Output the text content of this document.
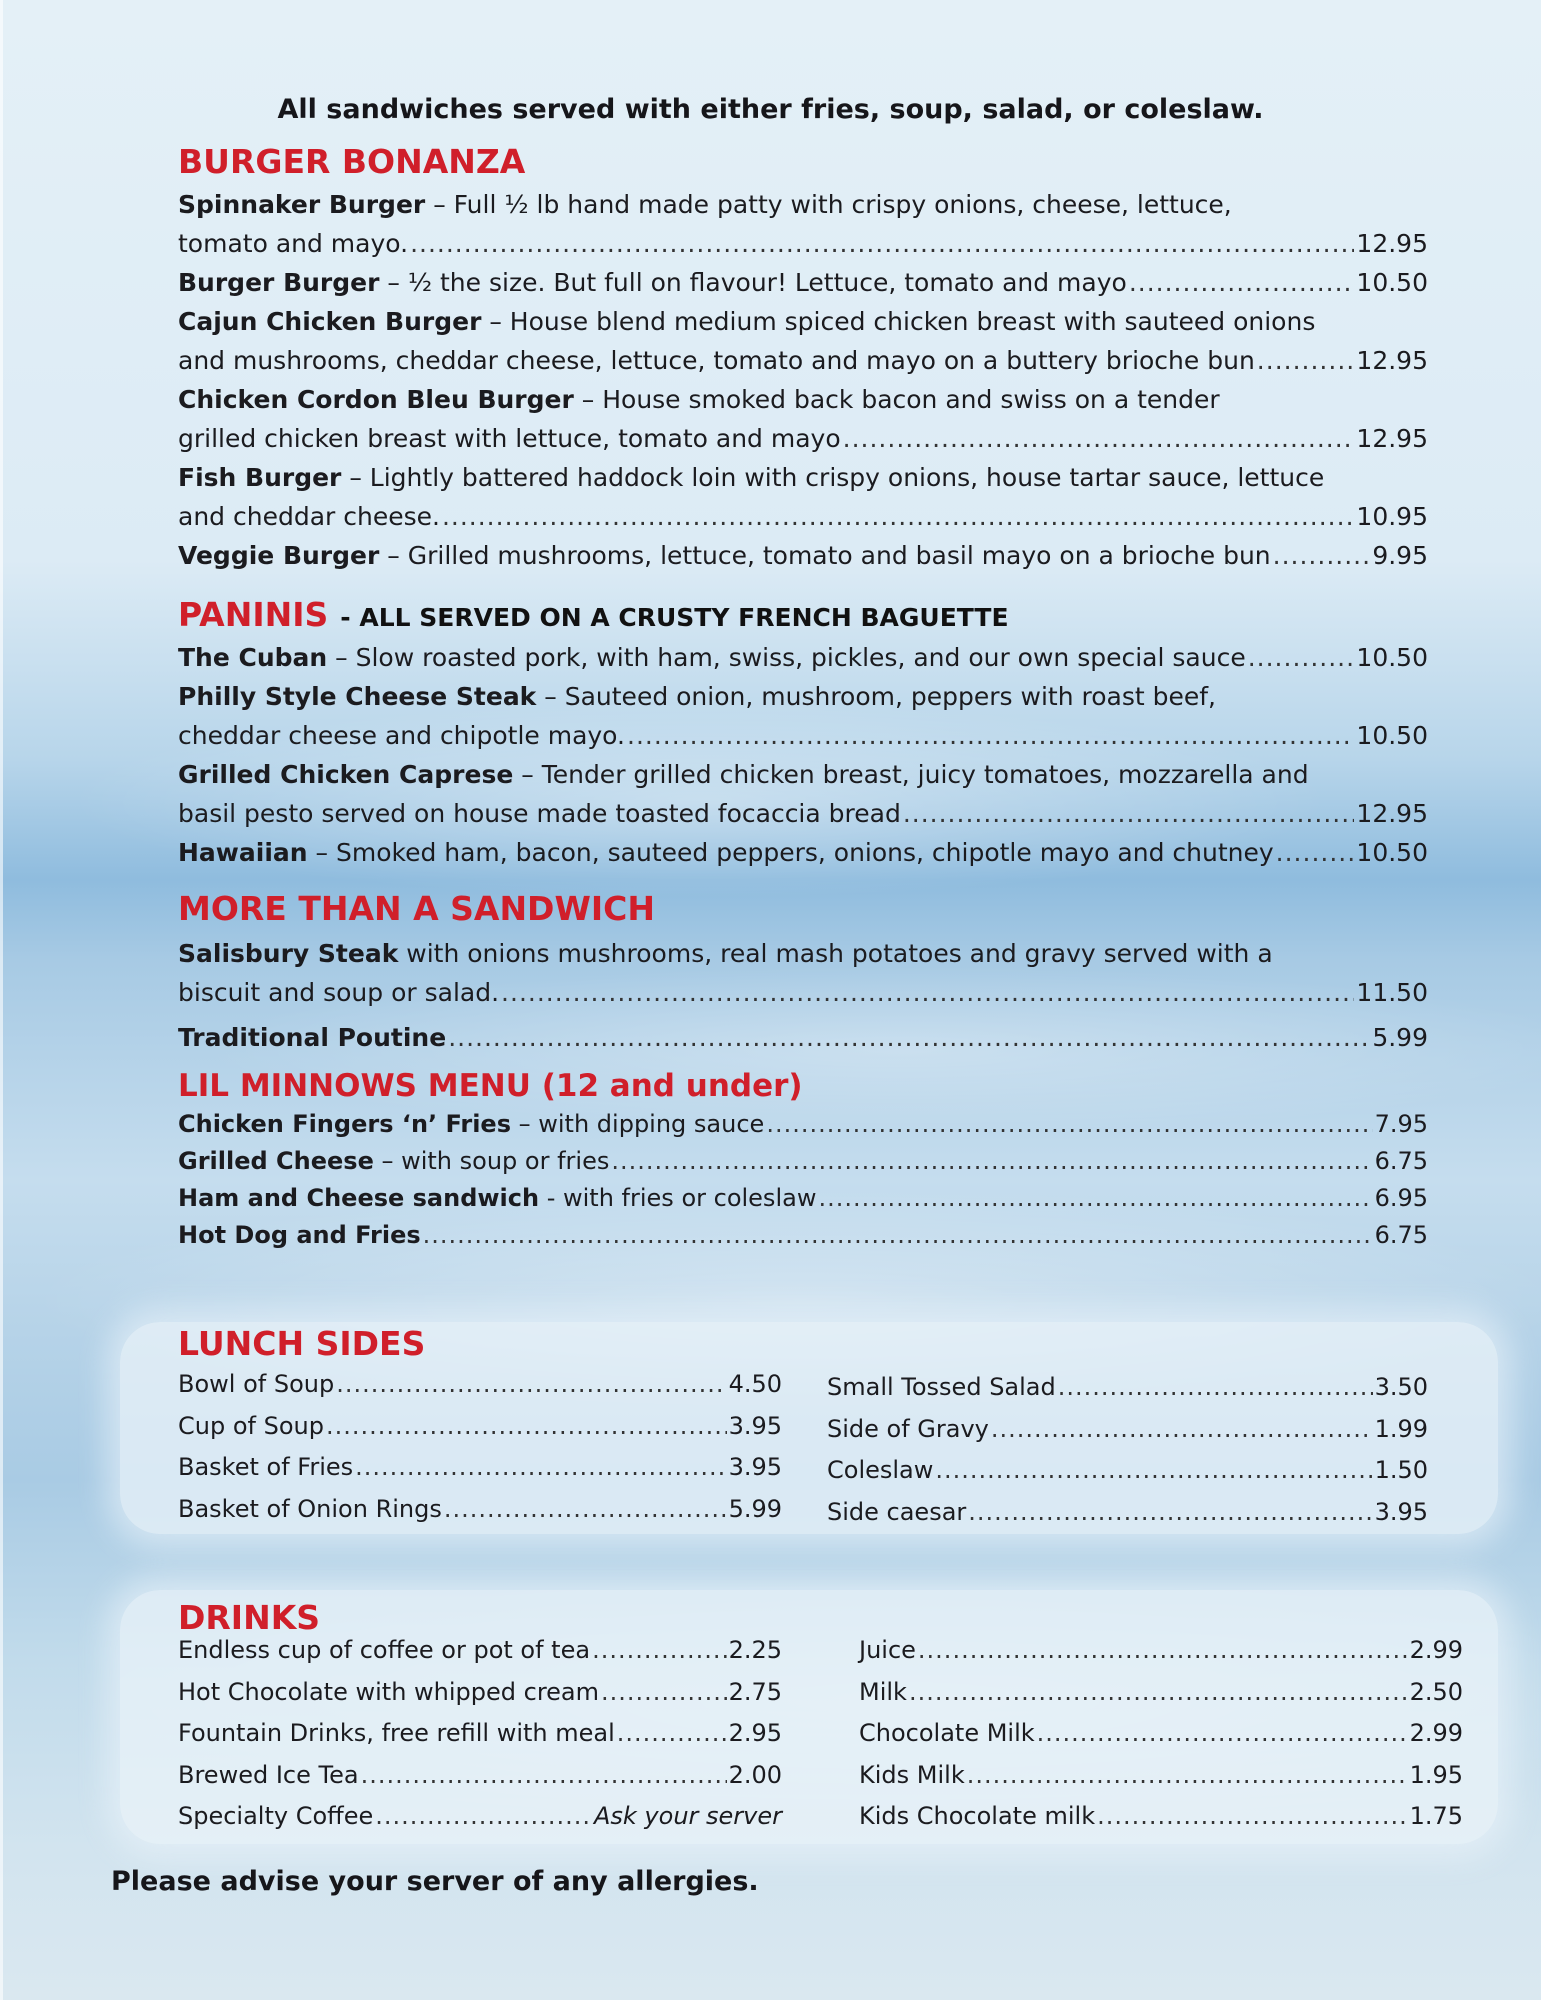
All sandwiches served with either fries, soup, salad, or coleslaw.
BURGER BONANZA
Spinnaker Burger – Full ½ lb hand made patty with crispy onions, cheese, lettuce,
tomato and mayo. .....	12.95
Burger Burger – ½ the size. But full on flavour! Lettuce, tomato and mayo .....	10.50
Cajun Chicken Burger – House blend medium spiced chicken breast with sauteed onions
and mushrooms, cheddar cheese, lettuce, tomato and mayo on a buttery brioche bun .....	12.95
Chicken Cordon Bleu Burger – House smoked back bacon and swiss on a tender
grilled chicken breast with lettuce, tomato and mayo .....	12.95
Fish Burger – Lightly battered haddock loin with crispy onions, house tartar sauce, lettuce
and cheddar cheese. .....	10.95
Veggie Burger – Grilled mushrooms, lettuce, tomato and basil mayo on a brioche bun .....	9.95
PANINIS - ALL SERVED ON A CRUSTY FRENCH BAGUETTE
The Cuban – Slow roasted pork, with ham, swiss, pickles, and our own special sauce .....	10.50
Philly Style Cheese Steak – Sauteed onion, mushroom, peppers with roast beef,
cheddar cheese and chipotle mayo. .....	10.50
Grilled Chicken Caprese – Tender grilled chicken breast, juicy tomatoes, mozzarella and
basil pesto served on house made toasted focaccia bread .....	12.95
Hawaiian – Smoked ham, bacon, sauteed peppers, onions, chipotle mayo and chutney .....	10.50
MORE THAN A SANDWICH
Salisbury Steak with onions mushrooms, real mash potatoes and gravy served with a
biscuit and soup or salad. .....	11.50
Traditional Poutine .....	5.99
LIL MINNOWS MENU (12 and under)
Chicken Fingers ‘n’ Fries – with dipping sauce .....	7.95
Grilled Cheese – with soup or fries .....	6.75
Ham and Cheese sandwich - with fries or coleslaw .....	6.95
Hot Dog and Fries .....	6.75
LUNCH SIDES
Bowl of Soup .....	4.50
Cup of Soup .....	3.95
Basket of Fries .....	3.95
Basket of Onion Rings .....	5.99
Small Tossed Salad .....	3.50
Side of Gravy .....	1.99
Coleslaw .....	1.50
Side caesar .....	3.95
DRINKS
Endless cup of coffee or pot of tea .....	2.25
Hot Chocolate with whipped cream .....	2.75
Fountain Drinks, free refill with meal .....	2.95
Brewed Ice Tea .....	2.00
Specialty Coffee .....	Ask your server
Juice .....	2.99
Milk .....	2.50
Chocolate Milk .....	2.99
Kids Milk .....	1.95
Kids Chocolate milk .....	1.75
Please advise your server of any allergies.
